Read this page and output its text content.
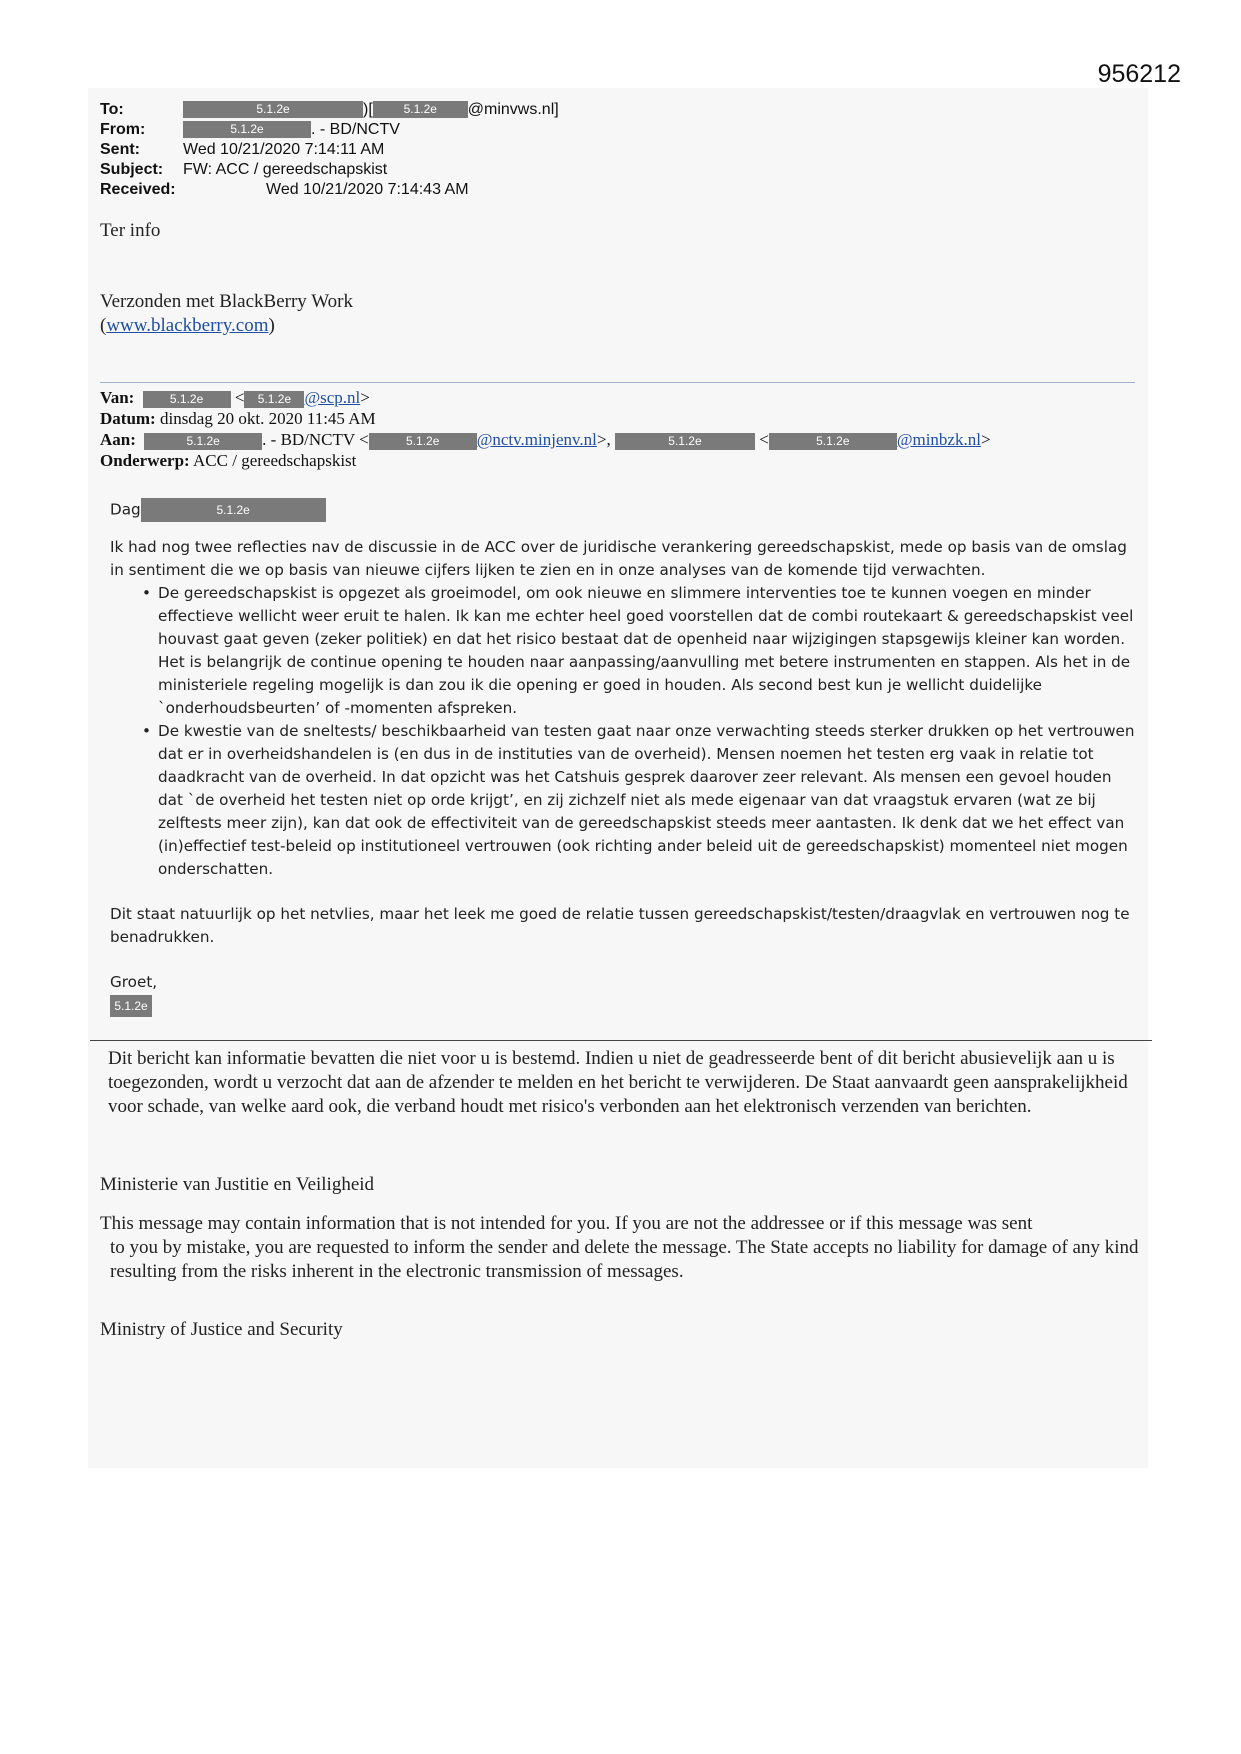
956212
To:	5.1.2e	)[	5.1.2e @minvws.nl]
From:	5.1.2e	. - BD/NCTV
Sent:	Wed 10/21/2020 7:14:11 AM
Subject: FW: ACC / gereedschapskist
Received:	Wed 10/21/2020 7:14:43 AM
Ter info
Verzonden met BlackBerry Work
(www.blackberry.com)
Van:	5.1.2e < 5.1.2e @scp.nl>
Datum: dinsdag 20 okt. 2020 11:45 AM
Aan:	5.1.2e . - BD/NCTV <	5.1.2e @nctv.minjenv.nl>,	5.1.2e	<	5.1.2e	@minbzk.nl>
Onderwerp: ACC / gereedschapskist

Dag	5.1.2e

Ik had nog twee reflecties nav de discussie in de ACC over de juridische verankering gereedschapskist, mede op basis van de omslag in sentiment die we op basis van nieuwe cijfers lijken te zien en in onze analyses van de komende tijd verwachten.

• De gereedschapskist is opgezet als groeimodel, om ook nieuwe en slimmere interventies toe te kunnen voegen en minder effectieve wellicht weer eruit te halen. Ik kan me echter heel goed voorstellen dat de combi routekaart & gereedschapskist veel houvast gaat geven (zeker politiek) en dat het risico bestaat dat de openheid naar wijzigingen stapsgewijs kleiner kan worden. Het is belangrijk de continue opening te houden naar aanpassing/aanvulling met betere instrumenten en stappen. Als het in de ministeriele regeling mogelijk is dan zou ik die opening er goed in houden. Als second best kun je wellicht duidelijke `onderhoudsbeurten’ of -momenten afspreken.
• De kwestie van de sneltests/ beschikbaarheid van testen gaat naar onze verwachting steeds sterker drukken op het vertrouwen dat er in overheidshandelen is (en dus in de instituties van de overheid). Mensen noemen het testen erg vaak in relatie tot daadkracht van de overheid. In dat opzicht was het Catshuis gesprek daarover zeer relevant. Als mensen een gevoel houden dat `de overheid het testen niet op orde krijgt’, en zij zichzelf niet als mede eigenaar van dat vraagstuk ervaren (wat ze bij zelftests meer zijn), kan dat ook de effectiviteit van de gereedschapskist steeds meer aantasten. Ik denk dat we het effect van (in)effectief test-beleid op institutioneel vertrouwen (ook richting ander beleid uit de gereedschapskist) momenteel niet mogen onderschatten.

Dit staat natuurlijk op het netvlies, maar het leek me goed de relatie tussen gereedschapskist/testen/draagvlak en vertrouwen nog te benadrukken.

Groet,

5.1.2e

Dit bericht kan informatie bevatten die niet voor u is bestemd. Indien u niet de geadresseerde bent of dit bericht abusievelijk aan u is toegezonden, wordt u verzocht dat aan de afzender te melden en het bericht te verwijderen. De Staat aanvaardt geen aansprakelijkheid voor schade, van welke aard ook, die verband houdt met risico's verbonden aan het elektronisch verzenden van berichten.
Ministerie van Justitie en Veiligheid
This message may contain information that is not intended for you. If you are not the addressee or if this message was sent
to you by mistake, you are requested to inform the sender and delete the message. The State accepts no liability for damage of any kind resulting from the risks inherent in the electronic transmission of messages.
Ministry of Justice and Security
